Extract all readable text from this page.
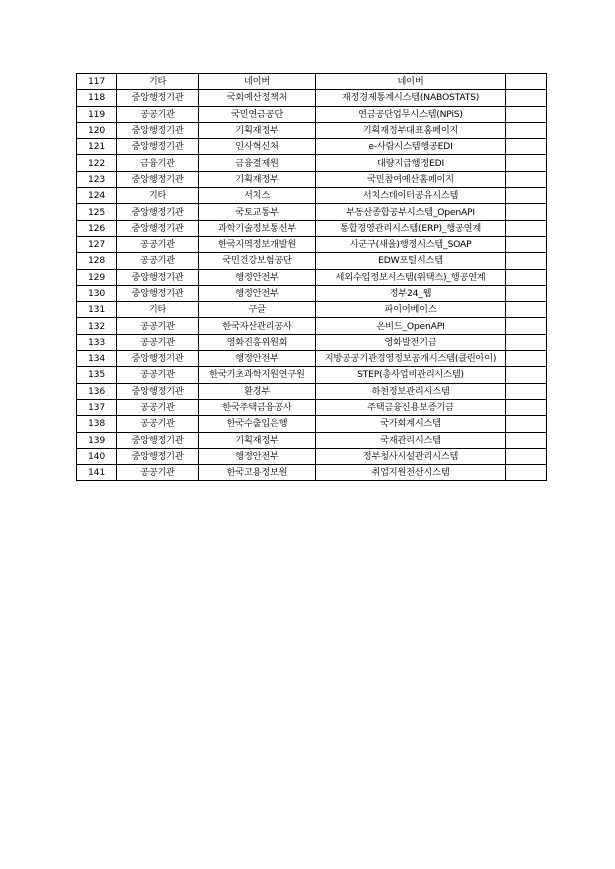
117	기타	네이버	네이버	
118	중앙행정기관	국회예산정책처	재정경제통계시스템(NABOSTATS)	
119	공공기관	국민연금공단	연금공단업무시스템(NPiS)	
120	중앙행정기관	기획재정부	기획재정부대표홈페이지	
121	중앙행정기관	인사혁신처	e-사람시스템행공EDI	
122	금융기관	금융결제원	대량지급행정EDI	
123	중앙행정기관	기획재정부	국민참여예산홈페이지	
124	기타	서치스	서치스데이터공유시스템	
125	중앙행정기관	국토교통부	부동산종합공부시스템_OpenAPI	
126	중앙행정기관	과학기술정보통신부	통합경영관리시스템(ERP)_행공연계	
127	공공기관	한국지역정보개발원	시군구(새올)행정시스템_SOAP	
128	공공기관	국민건강보험공단	EDW포털시스템	
129	중앙행정기관	행정안전부	세외수입정보시스템(위택스)_행공연계	
130	중앙행정기관	행정안전부	정부24_웹	
131	기타	구글	파이어베이스	
132	공공기관	한국자산관리공사	온비드_OpenAPI	
133	공공기관	영화진흥위원회	영화발전기금	
134	중앙행정기관	행정안전부	지방공공기관경영정보공개시스템(클린아이)	
135	공공기관	한국기초과학지원연구원	STEP(총사업비관리시스템)	
136	중앙행정기관	환경부	하천정보관리시스템	
137	공공기관	한국주택금융공사	주택금융신용보증기금	
138	공공기관	한국수출입은행	국가회계시스템	
139	중앙행정기관	기획재정부	국재관리시스템	
140	중앙행정기관	행정안전부	정부청사시설관리시스템	
141	공공기관	한국고용정보원	취업지원전산시스템	
